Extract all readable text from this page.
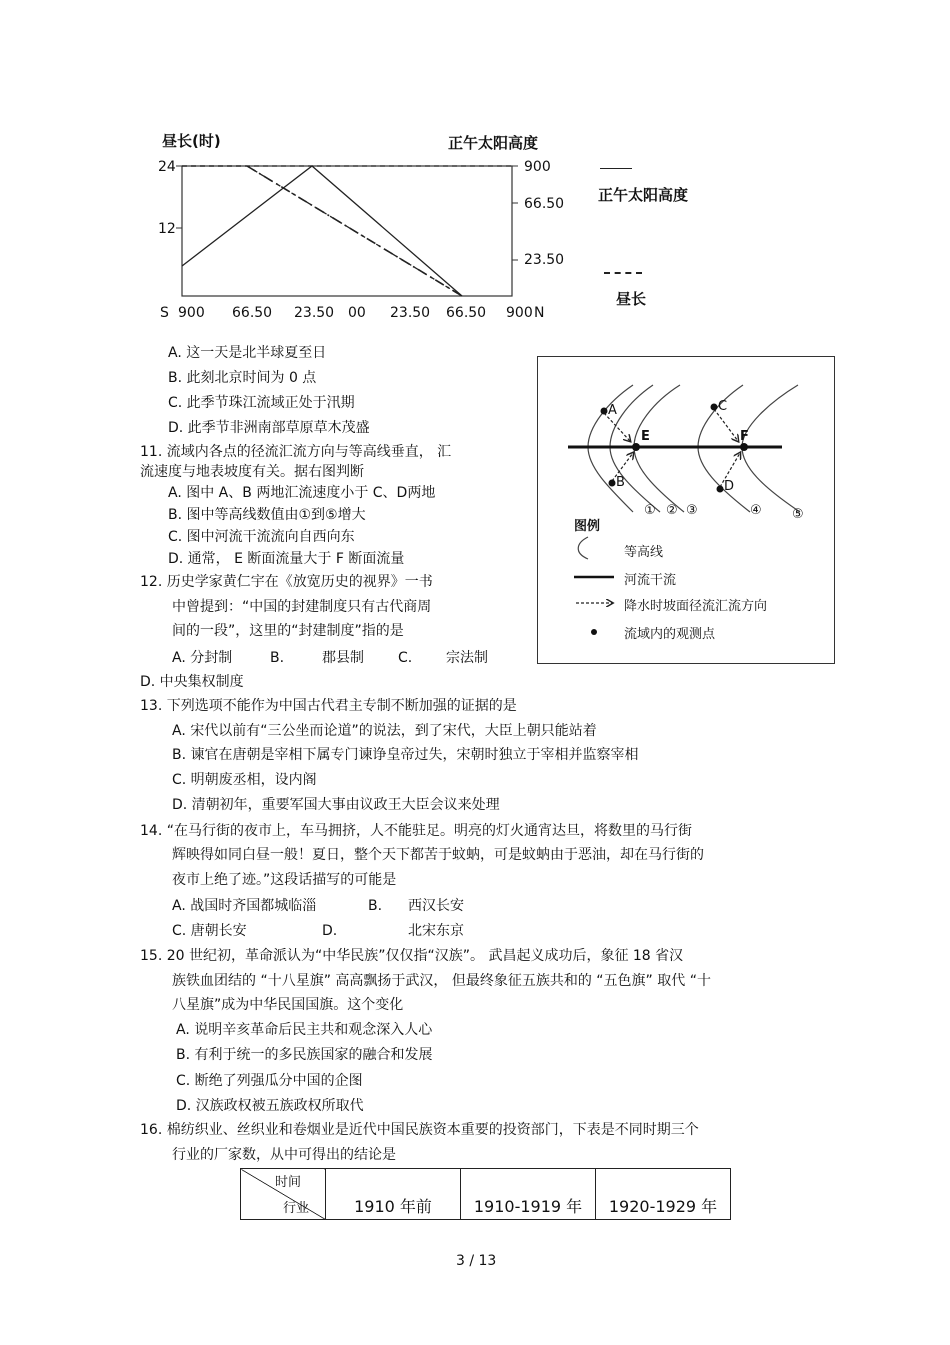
昼长(时)	正午太阳高度
24
12
900
66.50
23.50
S 900 66.50 23.50 00 23.50 66.50 900 N
正午太阳高度
昼长
A. 这一天是北半球夏至日
B. 此刻北京时间为 0 点
C. 此季节珠江流域正处于汛期
D. 此季节非洲南部草原草木茂盛
11. 流域内各点的径流汇流方向与等高线垂直， 汇
流速度与地表坡度有关。据右图判断
A. 图中 A、B 两地汇流速度小于 C、D两地
B. 图中等高线数值由①到⑤增大
C. 图中河流干流流向自西向东
D. 通常， E 断面流量大于 F 断面流量
12. 历史学家黄仁宇在《放宽历史的视界》一书
中曾提到：“中国的封建制度只有古代商周
间的一段”，这里的“封建制度”指的是
A. 分封制	B.	郡县制 C. 宗法制
D. 中央集权制度
A
B
C
D
E	F
① ② ③	④ ⑤
图例
等高线
河流干流
降水时坡面径流汇流方向
流域内的观测点
13. 下列选项不能作为中国古代君主专制不断加强的证据的是
A. 宋代以前有“三公坐而论道”的说法，到了宋代，大臣上朝只能站着
B. 谏官在唐朝是宰相下属专门谏诤皇帝过失，宋朝时独立于宰相并监察宰相
C. 明朝废丞相，设内阁
D. 清朝初年，重要军国大事由议政王大臣会议来处理
14. “在马行街的夜市上，车马拥挤，人不能驻足。明亮的灯火通宵达旦，将数里的马行街
辉映得如同白昼一般！夏日，整个天下都苦于蚊蚋，可是蚊蚋由于恶油，却在马行街的
夜市上绝了迹。”这段话描写的可能是
A. 战国时齐国都城临淄	B. 西汉长安
C. 唐朝长安	D.	北宋东京
15. 20 世纪初，革命派认为“中华民族”仅仅指“汉族”。 武昌起义成功后，象征 18 省汉
族铁血团结的 “十八星旗” 高高飘扬于武汉， 但最终象征五族共和的 “五色旗” 取代 “十
八星旗”成为中华民国国旗。这个变化
A. 说明辛亥革命后民主共和观念深入人心
B. 有利于统一的多民族国家的融合和发展
C. 断绝了列强瓜分中国的企图
D. 汉族政权被五族政权所取代
16. 棉纺织业、丝织业和卷烟业是近代中国民族资本重要的投资部门，下表是不同时期三个
行业的厂家数，从中可得出的结论是
时间
行业	1910 年前	1910-1919 年	1920-1929 年
3 / 13
